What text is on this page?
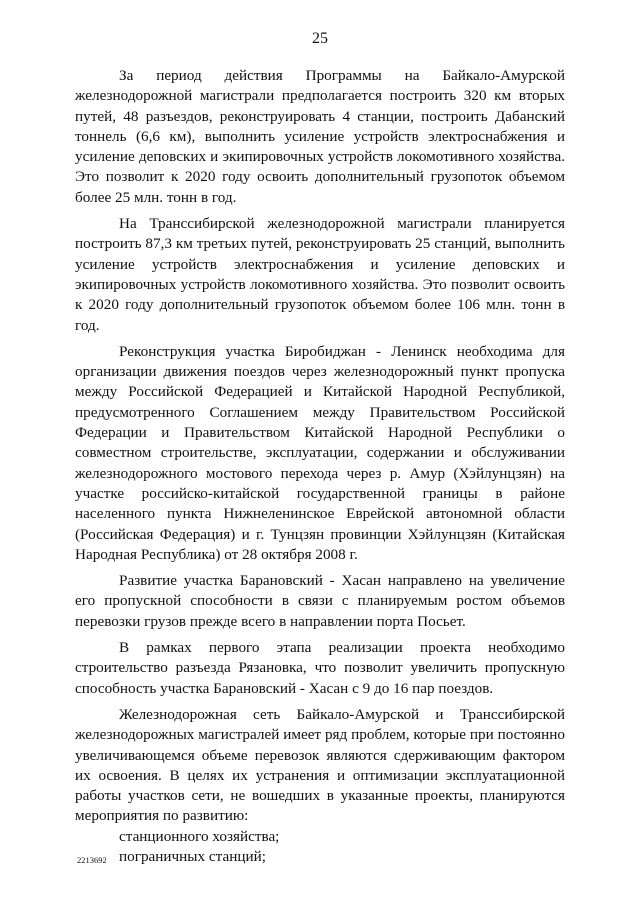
25

За период действия Программы на Байкало-Амурской железнодорожной магистрали предполагается построить 320 км вторых путей, 48 разъездов, реконструировать 4 станции, построить Дабанский тоннель (6,6 км), выполнить усиление устройств электроснабжения и усиление деповских и экипировочных устройств локомотивного хозяйства. Это позволит к 2020 году освоить дополнительный грузопоток объемом более 25 млн. тонн в год.

На Транссибирской железнодорожной магистрали планируется построить 87,3 км третьих путей, реконструировать 25 станций, выполнить усиление устройств электроснабжения и усиление деповских и экипировочных устройств локомотивного хозяйства. Это позволит освоить к 2020 году дополнительный грузопоток объемом более 106 млн. тонн в год.

Реконструкция участка Биробиджан - Ленинск необходима для организации движения поездов через железнодорожный пункт пропуска между Российской Федерацией и Китайской Народной Республикой, предусмотренного Соглашением между Правительством Российской Федерации и Правительством Китайской Народной Республики о совместном строительстве, эксплуатации, содержании и обслуживании железнодорожного мостового перехода через р. Амур (Хэйлунцзян) на участке российско-китайской государственной границы в районе населенного пункта Нижнеленинское Еврейской автономной области (Российская Федерация) и г. Тунцзян провинции Хэйлунцзян (Китайская Народная Республика) от 28 октября 2008 г.

Развитие участка Барановский - Хасан направлено на увеличение его пропускной способности в связи с планируемым ростом объемов перевозки грузов прежде всего в направлении порта Посьет.

В рамках первого этапа реализации проекта необходимо строительство разъезда Рязановка, что позволит увеличить пропускную способность участка Барановский - Хасан с 9 до 16 пар поездов.

Железнодорожная сеть Байкало-Амурской и Транссибирской железнодорожных магистралей имеет ряд проблем, которые при постоянно увеличивающемся объеме перевозок являются сдерживающим фактором их освоения. В целях их устранения и оптимизации эксплуатационной работы участков сети, не вошедших в указанные проекты, планируются мероприятия по развитию:

станционного хозяйства;
пограничных станций;
2213692
